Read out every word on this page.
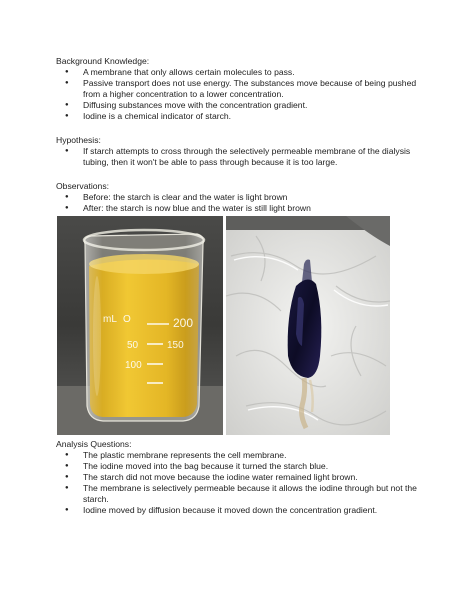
Background Knowledge:

● A membrane that only allows certain molecules to pass.
● Passive transport does not use energy. The substances move because of being pushed from a higher concentration to a lower concentration.
● Diffusing substances move with the concentration gradient.
● Iodine is a chemical indicator of starch.

Hypothesis:

● If starch attempts to cross through the selectively permeable membrane of the dialysis tubing, then it won't be able to pass through because it is too large.

Observations:

● Before: the starch is clear and the water is light brown
● After: the starch is now blue and the water is still light brown
mL O	200
150
100
50

Analysis Questions:

● The plastic membrane represents the cell membrane.
● The iodine moved into the bag because it turned the starch blue.
● The starch did not move because the iodine water remained light brown.
● The membrane is selectively permeable because it allows the iodine through but not the starch.
● Iodine moved by diffusion because it moved down the concentration gradient.
